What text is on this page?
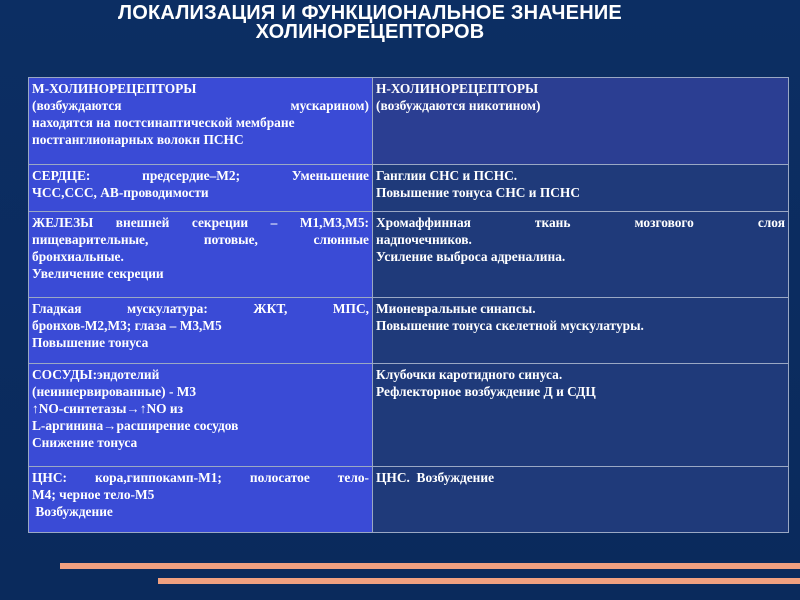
ЛОКАЛИЗАЦИЯ И ФУНКЦИОНАЛЬНОЕ ЗНАЧЕНИЕ
ХОЛИНОРЕЦЕПТОРОВ
М-ХОЛИНОРЕЦЕПТОРЫ
(возбуждаются мускарином)
находятся на постсинаптической мембране
постганглионарных волокн ПСНС	Н-ХОЛИНОРЕЦЕПТОРЫ
(возбуждаются никотином)

СЕРДЦЕ: предсердие–М2; Уменьшение
ЧСС,ССС, АВ-проводимости	Ганглии СНС и ПСНС.
Повышение тонуса СНС и ПСНС

ЖЕЛЕЗЫ внешней секреции – М1,М3,М5:
пищеварительные, потовые, слюнные
бронхиальные.
Увеличение секреции	Хромаффинная ткань мозгового слоя
надпочечников.
Усиление выброса адреналина.

Гладкая мускулатура: ЖКТ, МПС,
бронхов-М2,М3; глаза – М3,М5
Повышение тонуса	Мионевральные синапсы.
Повышение тонуса скелетной мускулатуры.

СОСУДЫ:эндотелий
(неиннервированные) - М3
↑NO-синтетазы→↑NO из
L-аргинина→расширение сосудов
Снижение тонуса	Клубочки каротидного синуса.
Рефлекторное возбуждение Д и СДЦ

ЦНС: кора,гиппокамп-М1; полосатое тело-
М4; черное тело-М5
Возбуждение	ЦНС.  Возбуждение
